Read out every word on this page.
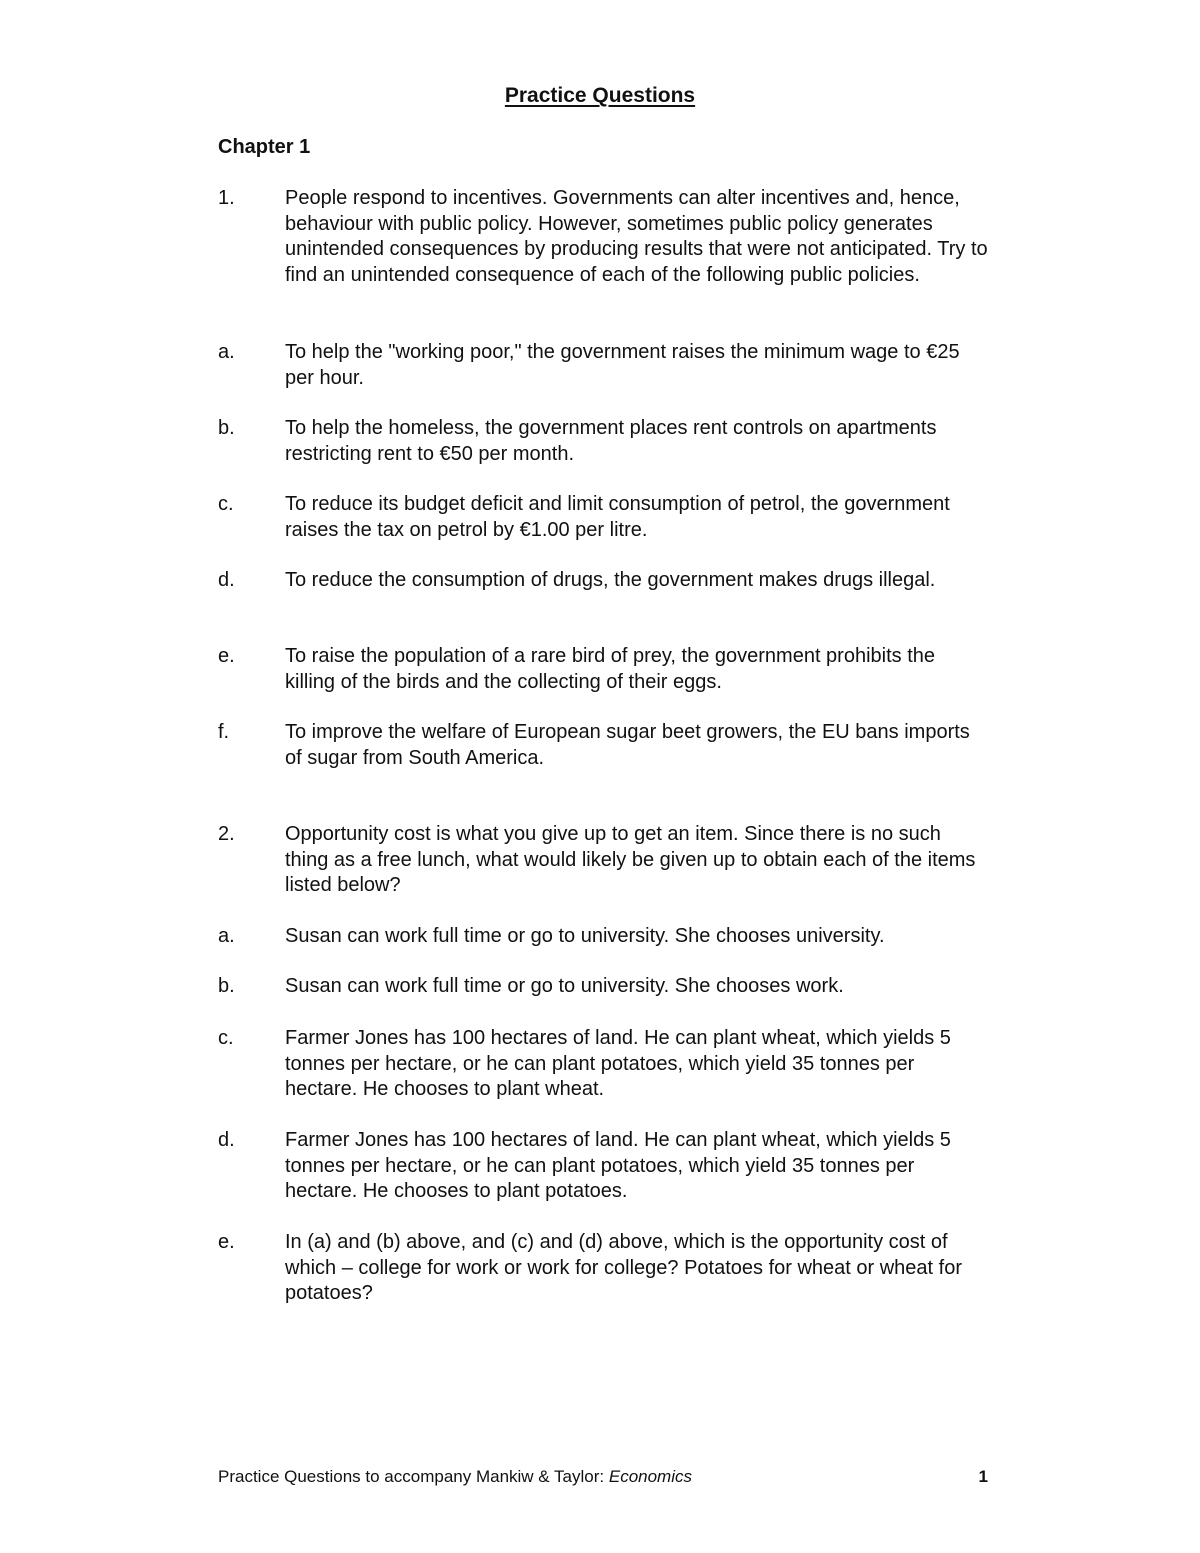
Practice Questions
Chapter 1
1.	People respond to incentives. Governments can alter incentives and, hence, behaviour with public policy. However, sometimes public policy generates unintended consequences by producing results that were not anticipated. Try to find an unintended consequence of each of the following public policies.
a.	To help the "working poor," the government raises the minimum wage to €25 per hour.
b.	To help the homeless, the government places rent controls on apartments restricting rent to €50 per month.
c.	To reduce its budget deficit and limit consumption of petrol, the government raises the tax on petrol by €1.00 per litre.
d.	To reduce the consumption of drugs, the government makes drugs illegal.
e.	To raise the population of a rare bird of prey, the government prohibits the killing of the birds and the collecting of their eggs.
f.	To improve the welfare of European sugar beet growers, the EU bans imports of sugar from South America.
2.	Opportunity cost is what you give up to get an item. Since there is no such   thing as a free lunch, what would likely be given up to obtain each of the items listed below?
a.	Susan can work full time or go to university. She chooses university.
b.	Susan can work full time or go to university. She chooses work.
c.	Farmer Jones has 100 hectares of land. He can plant wheat, which yields 5 tonnes per hectare, or he can plant potatoes, which yield 35 tonnes per hectare. He chooses to plant wheat.
d.	Farmer Jones has 100 hectares of land. He can plant wheat, which yields 5 tonnes per hectare, or he can plant potatoes, which yield 35 tonnes per hectare. He chooses to plant potatoes.
e.	In (a) and (b) above, and (c) and (d) above, which is the opportunity cost of which – college for work or work for college? Potatoes for wheat or wheat for potatoes?
Practice Questions to accompany Mankiw & Taylor: Economics	1
